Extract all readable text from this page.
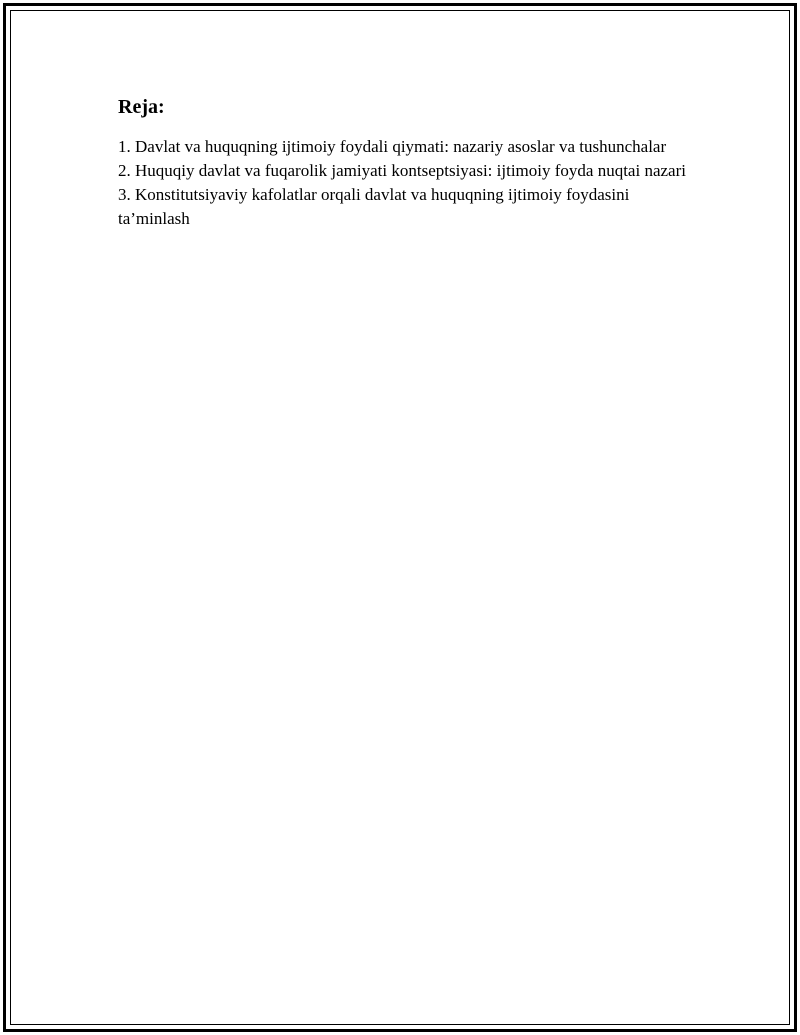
Reja:
1. Davlat va huquqning ijtimoiy foydali qiymati: nazariy asoslar va tushunchalar
2. Huquqiy davlat va fuqarolik jamiyati kontseptsiyasi: ijtimoiy foyda nuqtai nazari
3. Konstitutsiyaviy kafolatlar orqali davlat va huquqning ijtimoiy foydasini ta’minlash
